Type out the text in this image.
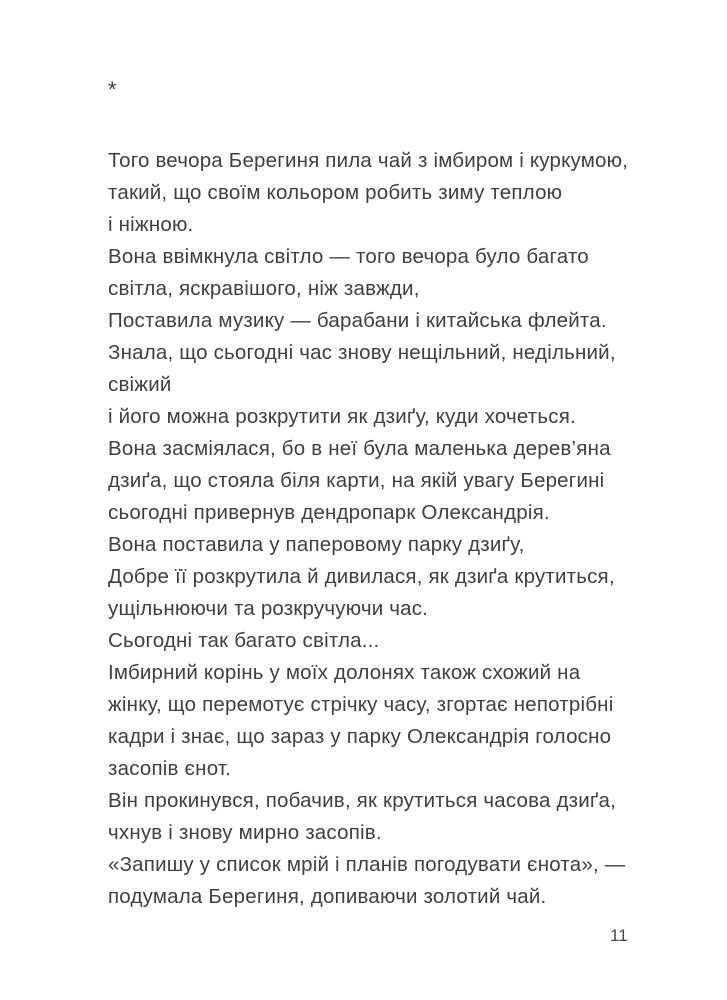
*
Того вечора Берегиня пила чай з імбиром і куркумою,
такий, що своїм кольором робить зиму теплою
і ніжною.
Вона ввімкнула світло — того вечора було багато
світла, яскравішого, ніж завжди,
Поставила музику — барабани і китайська флейта.
Знала, що сьогодні час знову нещільний, недільний,
свіжий
і його можна розкрутити як дзиґу, куди хочеться.
Вона засміялася, бо в неї була маленька дерев’яна
дзиґа, що стояла біля карти, на якій увагу Берегині
сьогодні привернув дендропарк Олександрія.
Вона поставила у паперовому парку дзиґу,
Добре її розкрутила й дивилася, як дзиґа крутиться,
ущільнюючи та розкручуючи час.
Сьогодні так багато світла...
Імбирний корінь у моїх долонях також схожий на
жінку, що перемотує стрічку часу, згортає непотрібні
кадри і знає, що зараз у парку Олександрія голосно
засопів єнот.
Він прокинувся, побачив, як крутиться часова дзиґа,
чхнув і знову мирно засопів.
«Запишу у список мрій і планів погодувати єнота», —
подумала Берегиня, допиваючи золотий чай.
11
